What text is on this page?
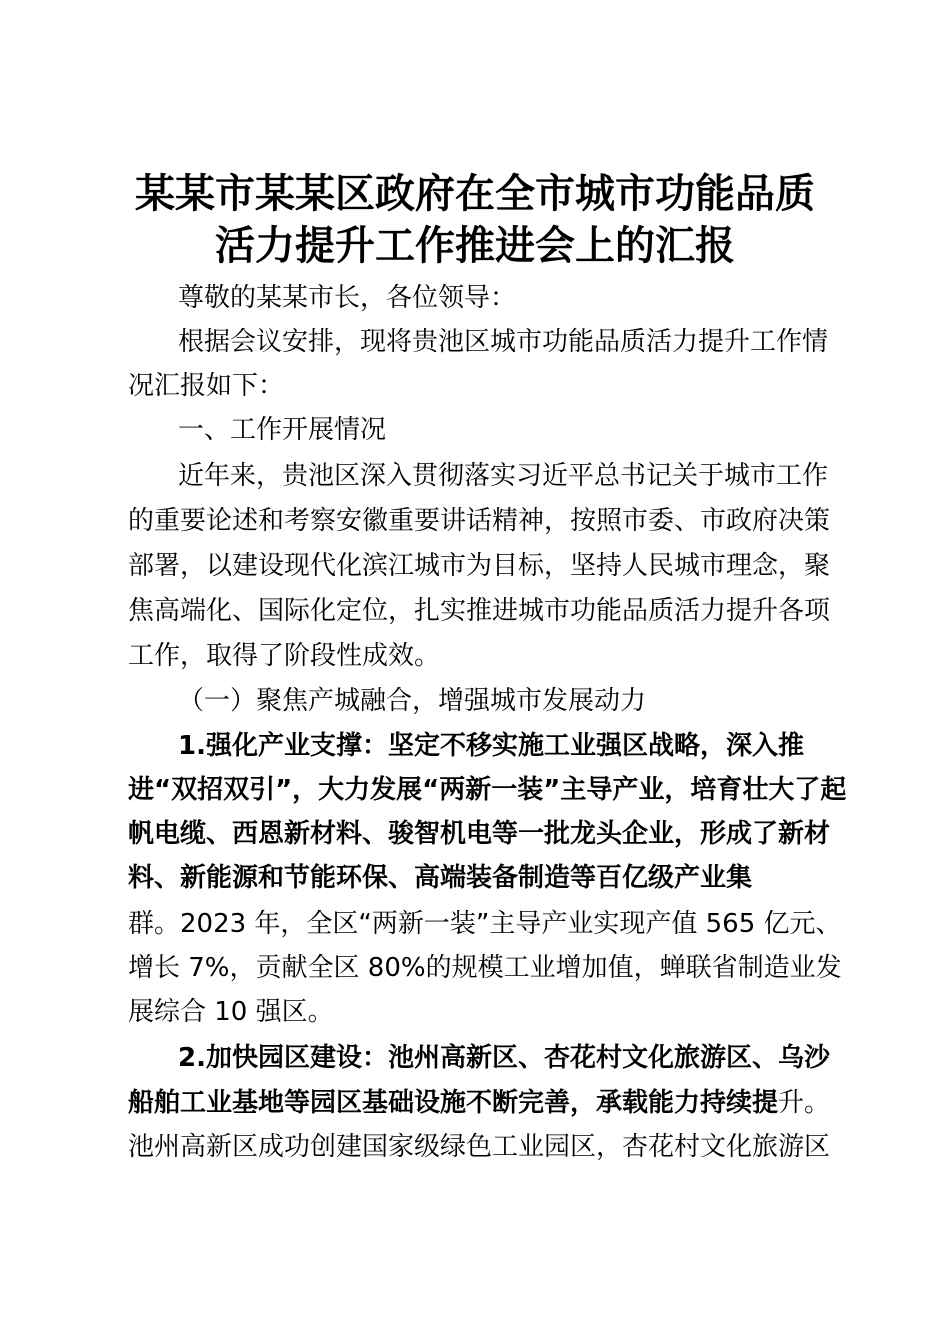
某某市某某区政府在全市城市功能品质
活力提升工作推进会上的汇报
尊敬的某某市长，各位领导：
根据会议安排，现将贵池区城市功能品质活力提升工作情
况汇报如下：
一、工作开展情况
近年来，贵池区深入贯彻落实习近平总书记关于城市工作
的重要论述和考察安徽重要讲话精神，按照市委、市政府决策
部署，以建设现代化滨江城市为目标，坚持人民城市理念，聚
焦高端化、国际化定位，扎实推进城市功能品质活力提升各项
工作，取得了阶段性成效。
（一）聚焦产城融合，增强城市发展动力
1.强化产业支撑：坚定不移实施工业强区战略，深入推
进“双招双引”，大力发展“两新一装”主导产业，培育壮大了起
帆电缆、西恩新材料、骏智机电等一批龙头企业，形成了新材
料、新能源和节能环保、高端装备制造等百亿级产业集
群。2023 年，全区“两新一装”主导产业实现产值 565 亿元、
增长 7%，贡献全区 80%的规模工业增加值，蝉联省制造业发
展综合 10 强区。
2.加快园区建设：池州高新区、杏花村文化旅游区、乌沙
船舶工业基地等园区基础设施不断完善，承载能力持续提升。
池州高新区成功创建国家级绿色工业园区，杏花村文化旅游区
